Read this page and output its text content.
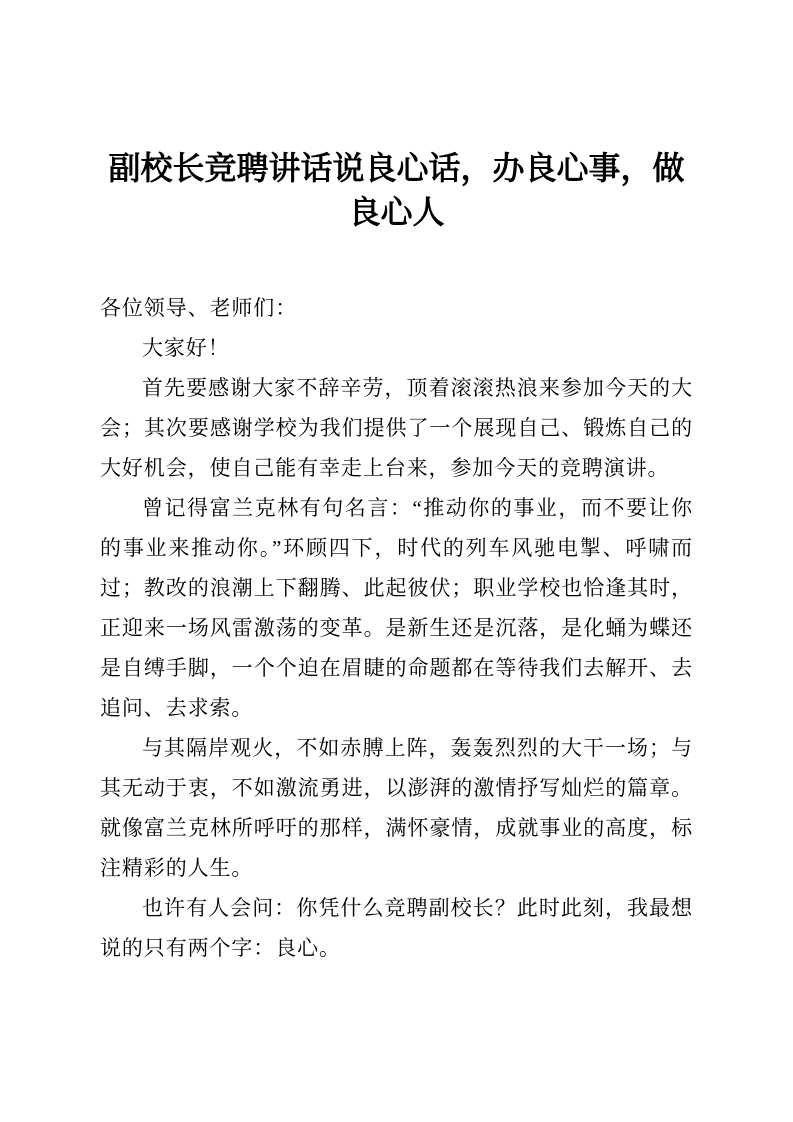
副校长竞聘讲话说良心话，办良心事，做良心人

各位领导、老师们：

大家好！

首先要感谢大家不辞辛劳，顶着滚滚热浪来参加今天的大会；其次要感谢学校为我们提供了一个展现自己、锻炼自己的大好机会，使自己能有幸走上台来，参加今天的竞聘演讲。

曾记得富兰克林有句名言：“推动你的事业，而不要让你的事业来推动你。”环顾四下，时代的列车风驰电掣、呼啸而过；教改的浪潮上下翻腾、此起彼伏；职业学校也恰逢其时，正迎来一场风雷激荡的变革。是新生还是沉落，是化蛹为蝶还是自缚手脚，一个个迫在眉睫的命题都在等待我们去解开、去追问、去求索。

与其隔岸观火，不如赤膊上阵，轰轰烈烈的大干一场；与其无动于衷，不如激流勇进，以澎湃的激情抒写灿烂的篇章。就像富兰克林所呼吁的那样，满怀豪情，成就事业的高度，标注精彩的人生。

也许有人会问：你凭什么竞聘副校长？此时此刻，我最想说的只有两个字：良心。
